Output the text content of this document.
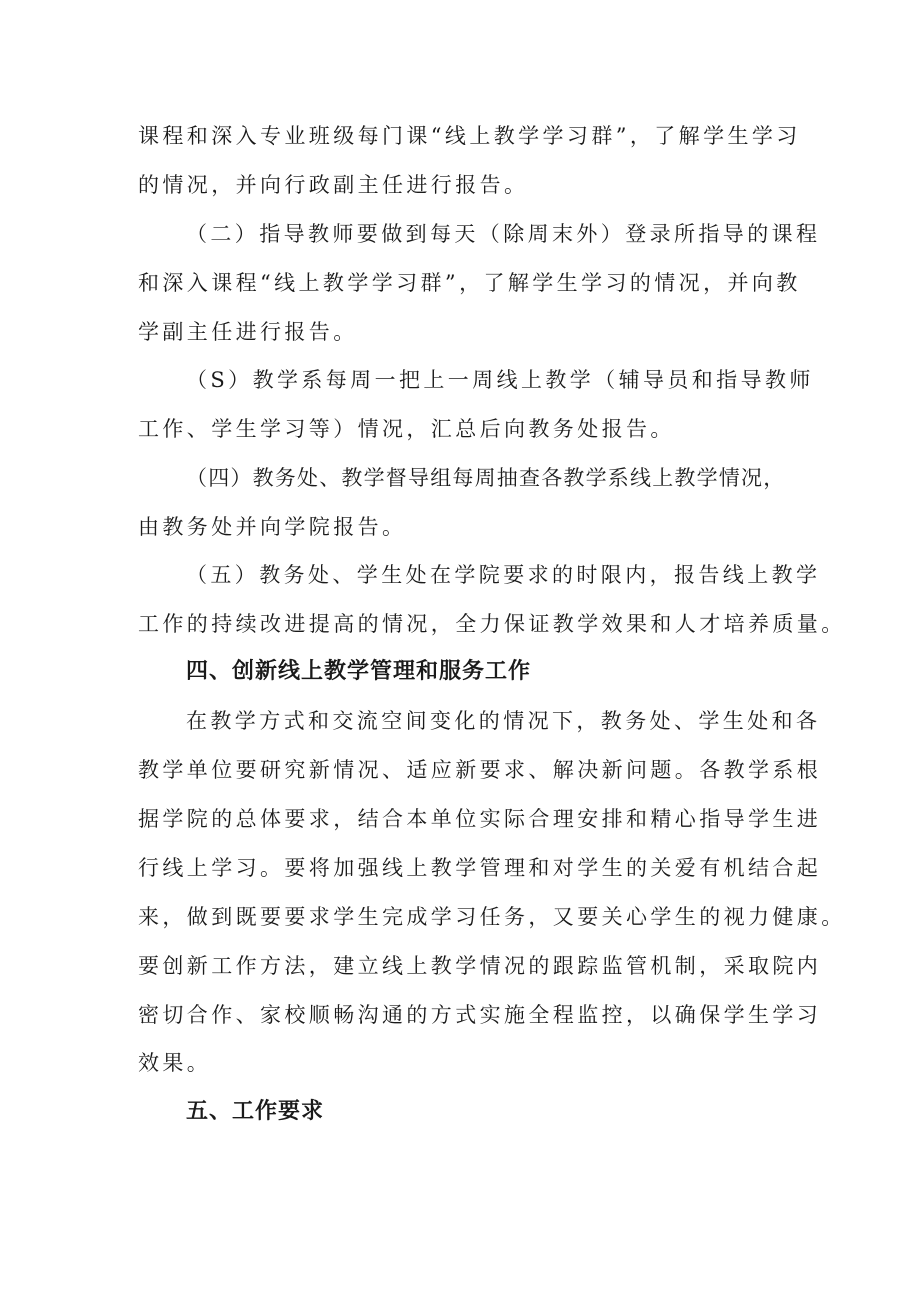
课程和深入专业班级每门课“线上教学学习群”，了解学生学习
的情况，并向行政副主任进行报告。
（二）指导教师要做到每天（除周末外）登录所指导的课程
和深入课程“线上教学学习群”，了解学生学习的情况，并向教
学副主任进行报告。
（S）教学系每周一把上一周线上教学（辅导员和指导教师
工作、学生学习等）情况，汇总后向教务处报告。
（四）教务处、教学督导组每周抽查各教学系线上教学情况，
由教务处并向学院报告。
（五）教务处、学生处在学院要求的时限内，报告线上教学
工作的持续改进提高的情况，全力保证教学效果和人才培养质量。
四、创新线上教学管理和服务工作
在教学方式和交流空间变化的情况下，教务处、学生处和各
教学单位要研究新情况、适应新要求、解决新问题。各教学系根
据学院的总体要求，结合本单位实际合理安排和精心指导学生进
行线上学习。要将加强线上教学管理和对学生的关爱有机结合起
来，做到既要要求学生完成学习任务，又要关心学生的视力健康。
要创新工作方法，建立线上教学情况的跟踪监管机制，采取院内
密切合作、家校顺畅沟通的方式实施全程监控，以确保学生学习
效果。
五、工作要求
